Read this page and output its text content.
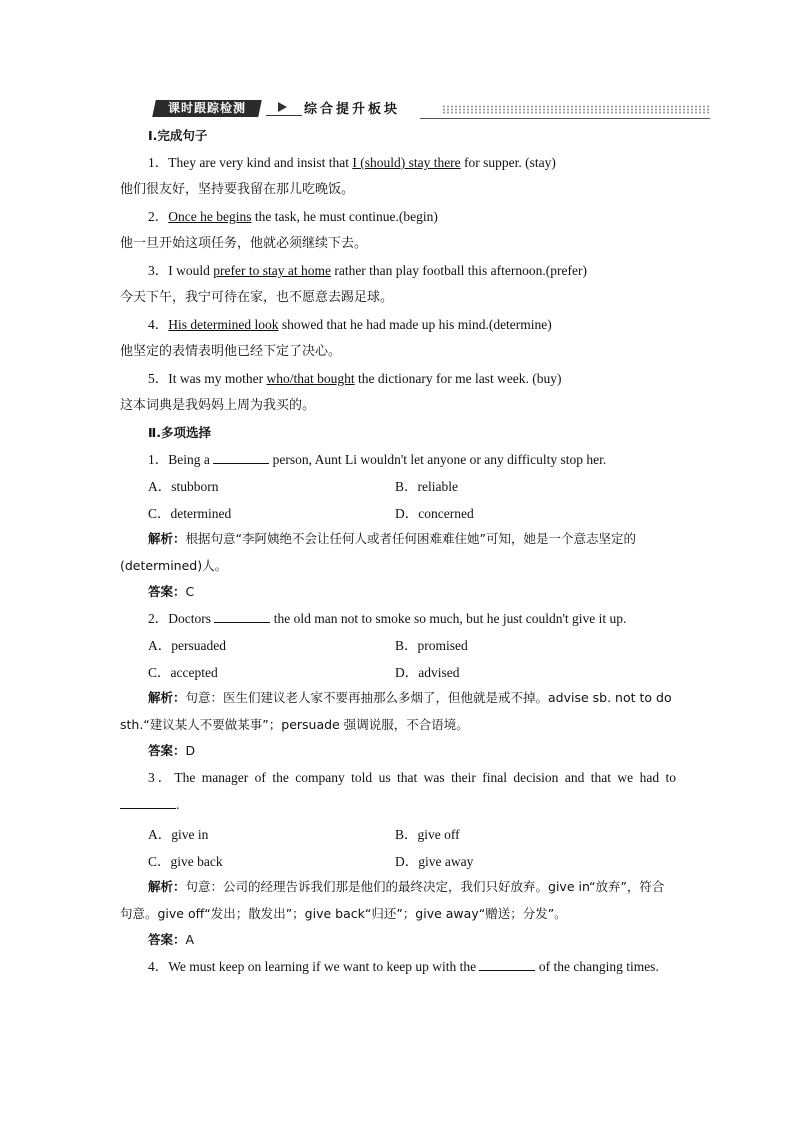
课时跟踪检测	综合提升板块
Ⅰ.完成句子
1．They are very kind and insist that I (should) stay there for supper. (stay)
他们很友好，坚持要我留在那儿吃晚饭。
2．Once he begins the task, he must continue.(begin)
他一旦开始这项任务，他就必须继续下去。
3．I would prefer to stay at home rather than play football this afternoon.(prefer)
今天下午，我宁可待在家，也不愿意去踢足球。
4．His determined look showed that he had made up his mind.(determine)
他坚定的表情表明他已经下定了决心。
5．It was my mother who/that bought the dictionary for me last week. (buy)
这本词典是我妈妈上周为我买的。
Ⅱ.多项选择
1．Being a	person, Aunt Li wouldn't let anyone or any difficulty stop her.
A．stubborn	B．reliable
C．determined	D．concerned
解析：根据句意“李阿姨绝不会让任何人或者任何困难难住她”可知，她是一个意志坚定的(determined)人。
答案：C
2．Doctors	the old man not to smoke so much, but he just couldn't give it up.
A．persuaded	B．promised
C．accepted	D．advised
解析：句意：医生们建议老人家不要再抽那么多烟了，但他就是戒不掉。advise sb. not to do sth.“建议某人不要做某事”；persuade 强调说服，不合语境。
答案：D
3．The manager of the company told us that was their final decision and that we had to .
A．give in	B．give off
C．give back	D．give away
解析：句意：公司的经理告诉我们那是他们的最终决定，我们只好放弃。give in“放弃”，符合句意。give off“发出；散发出”；give back“归还”；give away“赠送；分发”。
答案：A
4．We must keep on learning if we want to keep up with the	of the changing times.
